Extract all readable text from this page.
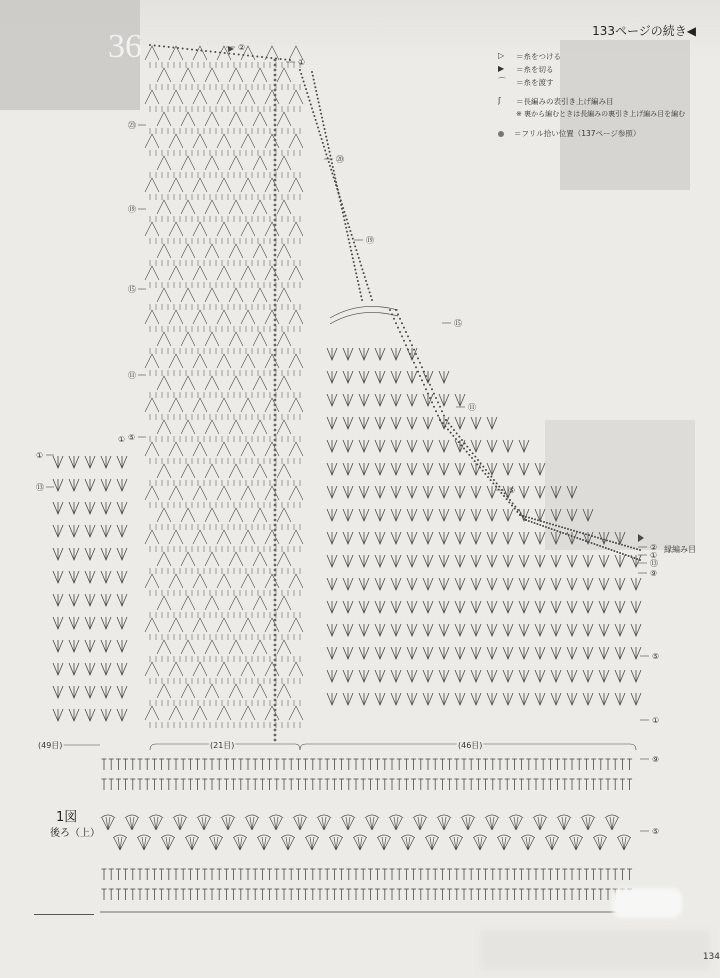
36	133ページの続き◀
▷	＝糸をつける
▶	＝糸を切る
⌒	＝糸を渡す
ʃ	＝長編みの表引き上げ編み目
※ 裏から編むときは長編みの裏引き上げ編み目を編む
＝フリル拾い位置（137ページ参照）
(49目)	(21目)	(46目)
㉓
⑲
⑮
⑪
⑤
①
⑬
①
②
①
⑳
⑲
⑮
⑪
⑤
②
①
⑬
⑨
⑤
①
⑨
⑤
縁編み目
1図
後ろ（上）
134
